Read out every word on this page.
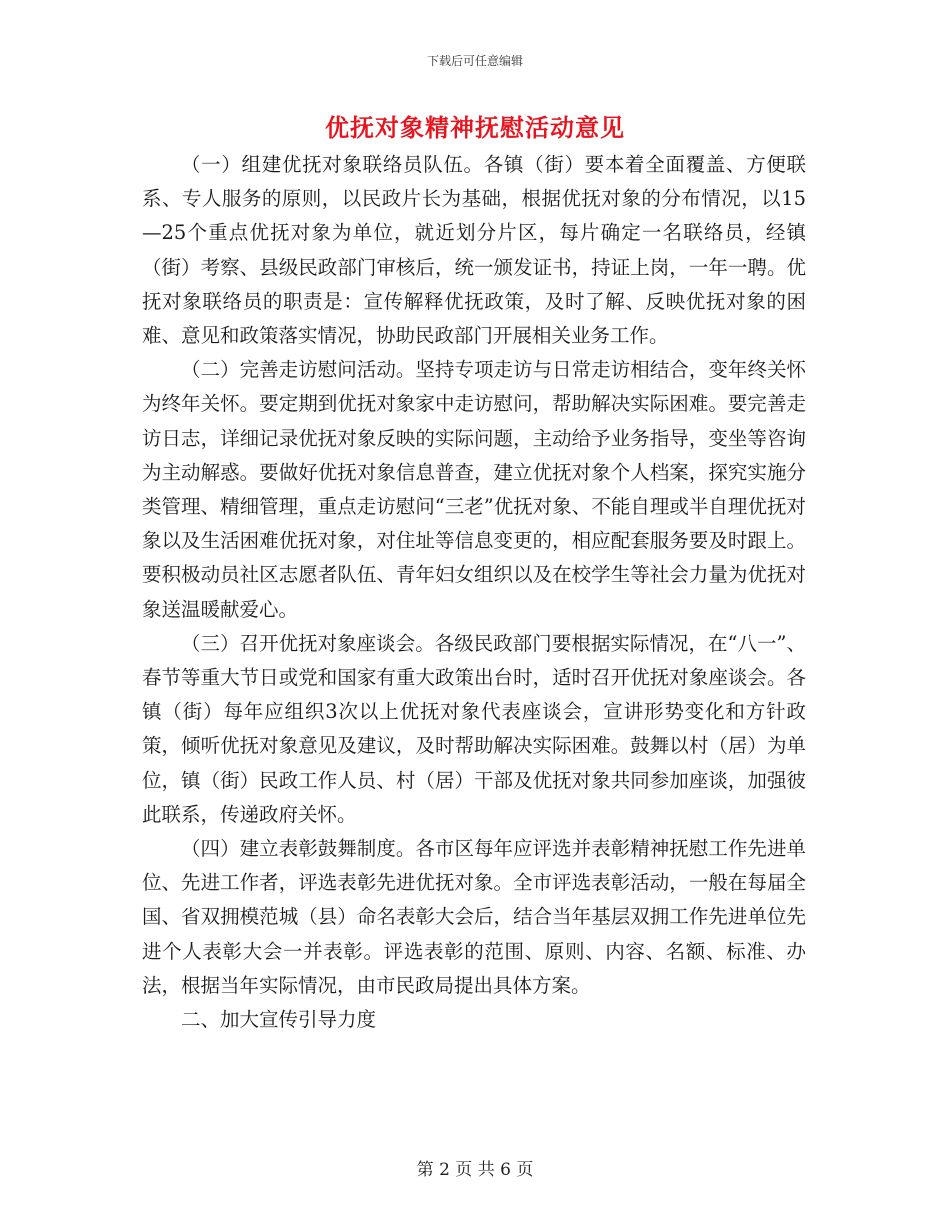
下载后可任意编辑
优抚对象精神抚慰活动意见

（一）组建优抚对象联络员队伍。各镇（街）要本着全面覆盖、方便联系、专人服务的原则，以民政片长为基础，根据优抚对象的分布情况，以15—25个重点优抚对象为单位，就近划分片区，每片确定一名联络员，经镇（街）考察、县级民政部门审核后，统一颁发证书，持证上岗，一年一聘。优抚对象联络员的职责是：宣传解释优抚政策，及时了解、反映优抚对象的困难、意见和政策落实情况，协助民政部门开展相关业务工作。

（二）完善走访慰问活动。坚持专项走访与日常走访相结合，变年终关怀为终年关怀。要定期到优抚对象家中走访慰问，帮助解决实际困难。要完善走访日志，详细记录优抚对象反映的实际问题，主动给予业务指导，变坐等咨询为主动解惑。要做好优抚对象信息普查，建立优抚对象个人档案，探究实施分类管理、精细管理，重点走访慰问“三老”优抚对象、不能自理或半自理优抚对象以及生活困难优抚对象，对住址等信息变更的，相应配套服务要及时跟上。要积极动员社区志愿者队伍、青年妇女组织以及在校学生等社会力量为优抚对象送温暖献爱心。

（三）召开优抚对象座谈会。各级民政部门要根据实际情况，在“八一”、春节等重大节日或党和国家有重大政策出台时，适时召开优抚对象座谈会。各镇（街）每年应组织3次以上优抚对象代表座谈会，宣讲形势变化和方针政策，倾听优抚对象意见及建议，及时帮助解决实际困难。鼓舞以村（居）为单位，镇（街）民政工作人员、村（居）干部及优抚对象共同参加座谈，加强彼此联系，传递政府关怀。

（四）建立表彰鼓舞制度。各市区每年应评选并表彰精神抚慰工作先进单位、先进工作者，评选表彰先进优抚对象。全市评选表彰活动，一般在每届全国、省双拥模范城（县）命名表彰大会后，结合当年基层双拥工作先进单位先进个人表彰大会一并表彰。评选表彰的范围、原则、内容、名额、标准、办法，根据当年实际情况，由市民政局提出具体方案。

二、加大宣传引导力度

第 2 页 共 6 页
